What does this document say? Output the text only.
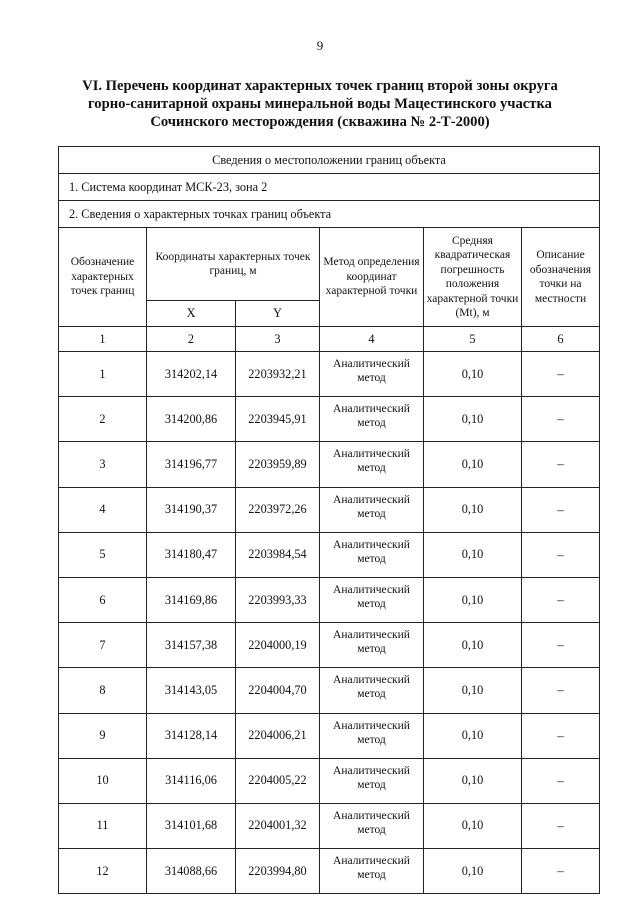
9
VI. Перечень координат характерных точек границ второй зоны округа
горно-санитарной охраны минеральной воды Мацестинского участка
Сочинского месторождения (скважина № 2-Т-2000)
Сведения о местоположении границ объекта					
1. Система координат МСК-23, зона 2					
2. Сведения о характерных точках границ объекта					
Обозначение характерных точек границ	Координаты характерных точек границ, м		Метод определения координат характерной точки	Средняя квадратическая погрешность положения характерной точки (Mt), м	Описание обозначения точки на местности
	X	Y			
1	2	3	4	5	6
1	314202,14	2203932,21	Аналитический метод	0,10	–
2	314200,86	2203945,91	Аналитический метод	0,10	–
3	314196,77	2203959,89	Аналитический метод	0,10	–
4	314190,37	2203972,26	Аналитический метод	0,10	–
5	314180,47	2203984,54	Аналитический метод	0,10	–
6	314169,86	2203993,33	Аналитический метод	0,10	–
7	314157,38	2204000,19	Аналитический метод	0,10	–
8	314143,05	2204004,70	Аналитический метод	0,10	–
9	314128,14	2204006,21	Аналитический метод	0,10	–
10	314116,06	2204005,22	Аналитический метод	0,10	–
11	314101,68	2204001,32	Аналитический метод	0,10	–
12	314088,66	2203994,80	Аналитический метод	0,10	–
